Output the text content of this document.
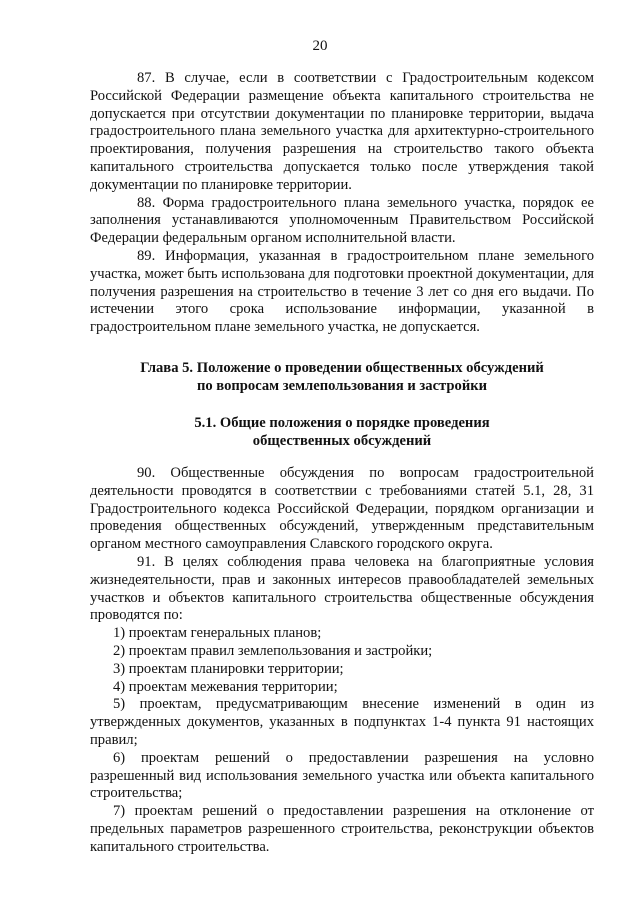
20

87. В случае, если в соответствии с Градостроительным кодексом Российской Федерации размещение объекта капитального строительства не допускается при отсутствии документации по планировке территории, выдача градостроительного плана земельного участка для архитектурно-строительного проектирования, получения разрешения на строительство такого объекта капитального строительства допускается только после утверждения такой документации по планировке территории.

88. Форма градостроительного плана земельного участка, порядок ее заполнения устанавливаются уполномоченным Правительством Российской Федерации федеральным органом исполнительной власти.

89. Информация, указанная в градостроительном плане земельного участка, может быть использована для подготовки проектной документации, для получения разрешения на строительство в течение 3 лет со дня его выдачи. По истечении этого срока использование информации, указанной в градостроительном плане земельного участка, не допускается.

Глава 5. Положение о проведении общественных обсуждений

по вопросам землепользования и застройки

5.1. Общие положения о порядке проведения

общественных обсуждений

90. Общественные обсуждения по вопросам градостроительной деятельности проводятся в соответствии с требованиями статей 5.1, 28, 31 Градостроительного кодекса Российской Федерации, порядком организации и проведения общественных обсуждений, утвержденным представительным органом местного самоуправления Славского городского округа.

91. В целях соблюдения права человека на благоприятные условия жизнедеятельности, прав и законных интересов правообладателей земельных участков и объектов капитального строительства общественные обсуждения проводятся по:

1) проектам генеральных планов;

2) проектам правил землепользования и застройки;

3) проектам планировки территории;

4) проектам межевания территории;

5) проектам, предусматривающим внесение изменений в один из утвержденных документов, указанных в подпунктах 1-4 пункта 91 настоящих правил;

6) проектам решений о предоставлении разрешения на условно разрешенный вид использования земельного участка или объекта капитального строительства;

7) проектам решений о предоставлении разрешения на отклонение от предельных параметров разрешенного строительства, реконструкции объектов капитального строительства.
